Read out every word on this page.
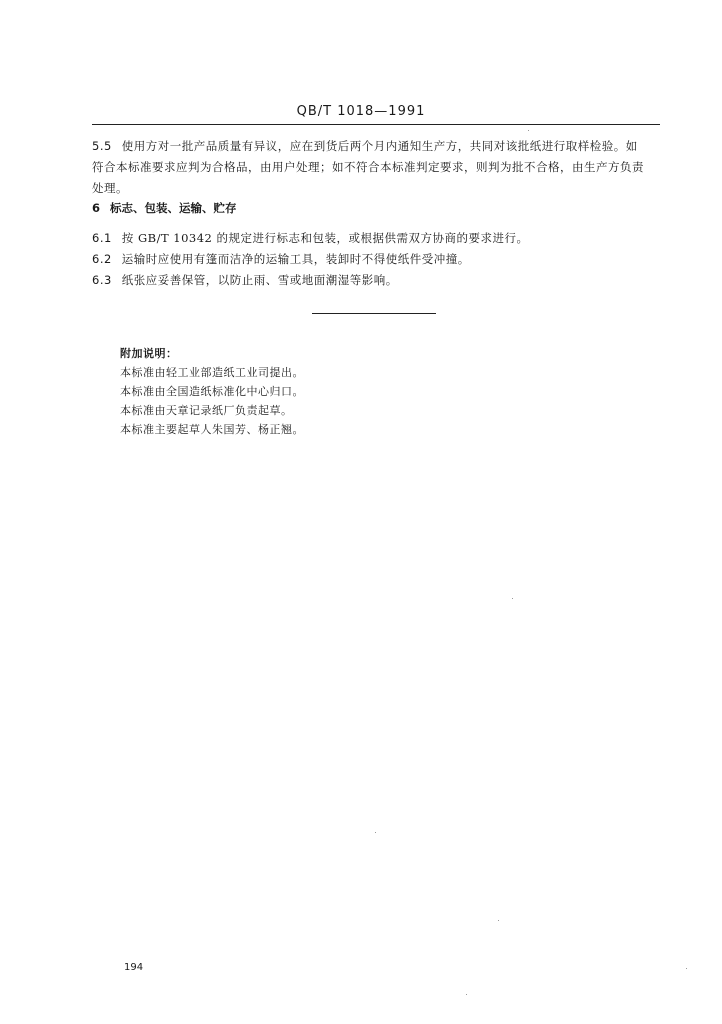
QB/T 1018—1991
5.5 使用方对一批产品质量有异议，应在到货后两个月内通知生产方，共同对该批纸进行取样检验。如
符合本标准要求应判为合格品，由用户处理；如不符合本标准判定要求，则判为批不合格，由生产方负责
处理。
6 标志、包装、运输、贮存
6.1 按 GB/T 10342 的规定进行标志和包装，或根据供需双方协商的要求进行。
6.2 运输时应使用有篷而洁净的运输工具，装卸时不得使纸件受冲撞。
6.3 纸张应妥善保管，以防止雨、雪或地面潮湿等影响。
附加说明：
本标准由轻工业部造纸工业司提出。
本标准由全国造纸标准化中心归口。
本标准由天章记录纸厂负责起草。
本标准主要起草人朱国芳、杨正翘。
194
